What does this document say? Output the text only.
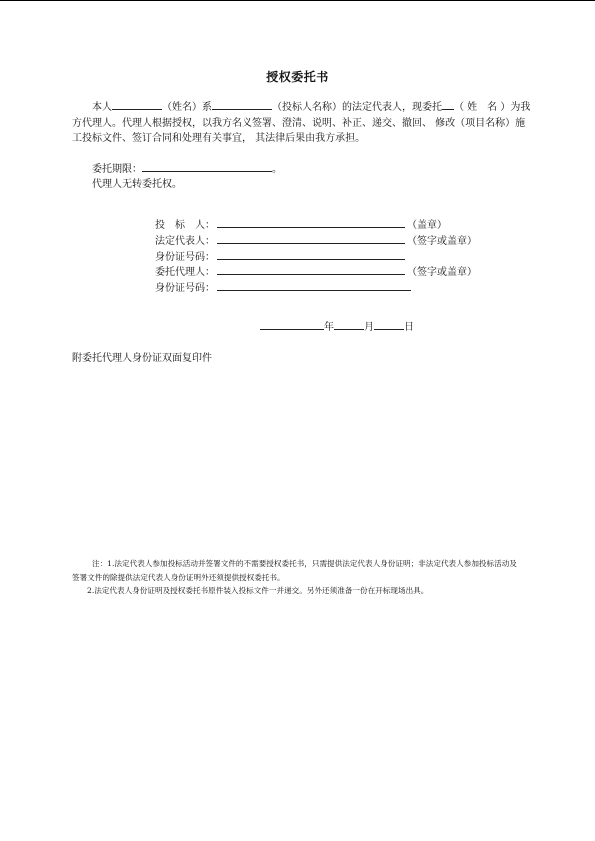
授权委托书
本人	（姓名）系	（投标人名称）的法定代表人，现委托 （ 姓　名 ）为我方代理人。代理人根据授权，以我方名义签署、澄清、说明、补正、递交、撤回、 修改（项目名称）施工投标文件、签订合同和处理有关事宜， 其法律后果由我方承担。
委托期限：	。
代理人无转委托权。
投　标　人：	（盖章）
法定代表人：	（签字或盖章）
身份证号码：
委托代理人：	（签字或盖章）
身份证号码：
年	月	日
附委托代理人身份证双面复印件
注：1.法定代表人参加投标活动并签署文件的不需要授权委托书，只需提供法定代表人身份证明；非法定代表人参加投标活动及签署文件的除提供法定代表人身份证明外还须提供授权委托书。
2.法定代表人身份证明及授权委托书原件装入投标文件一并递交。另外还须准备一份在开标现场出具。
